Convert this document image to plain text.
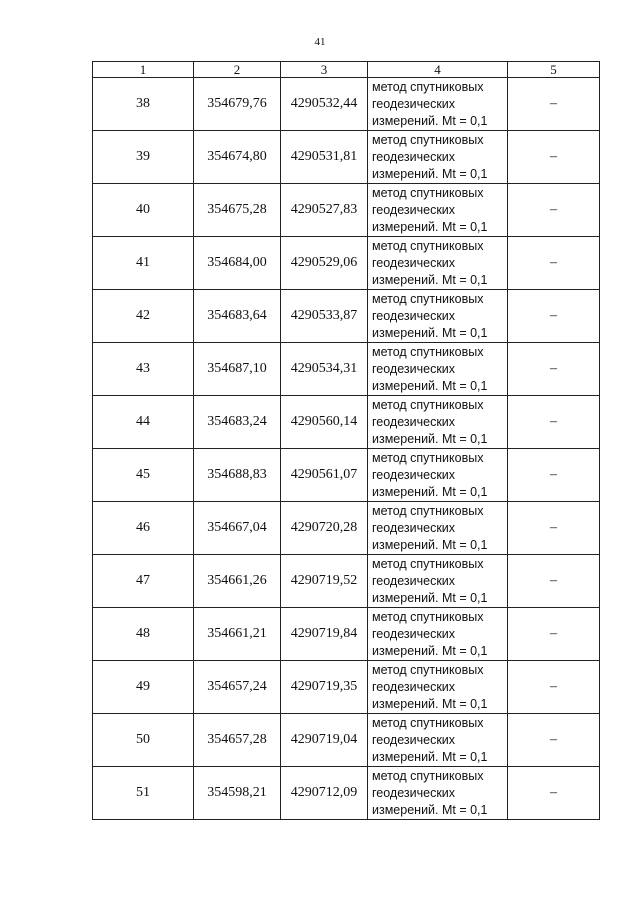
41
1	2	3	4	5
38	354679,76	4290532,44	метод спутниковых
геодезических
измерений. Mt = 0,1	–
39	354674,80	4290531,81	метод спутниковых
геодезических
измерений. Mt = 0,1	–
40	354675,28	4290527,83	метод спутниковых
геодезических
измерений. Mt = 0,1	–
41	354684,00	4290529,06	метод спутниковых
геодезических
измерений. Mt = 0,1	–
42	354683,64	4290533,87	метод спутниковых
геодезических
измерений. Mt = 0,1	–
43	354687,10	4290534,31	метод спутниковых
геодезических
измерений. Mt = 0,1	–
44	354683,24	4290560,14	метод спутниковых
геодезических
измерений. Mt = 0,1	–
45	354688,83	4290561,07	метод спутниковых
геодезических
измерений. Mt = 0,1	–
46	354667,04	4290720,28	метод спутниковых
геодезических
измерений. Mt = 0,1	–
47	354661,26	4290719,52	метод спутниковых
геодезических
измерений. Mt = 0,1	–
48	354661,21	4290719,84	метод спутниковых
геодезических
измерений. Mt = 0,1	–
49	354657,24	4290719,35	метод спутниковых
геодезических
измерений. Mt = 0,1	–
50	354657,28	4290719,04	метод спутниковых
геодезических
измерений. Mt = 0,1	–
51	354598,21	4290712,09	метод спутниковых
геодезических
измерений. Mt = 0,1	–
